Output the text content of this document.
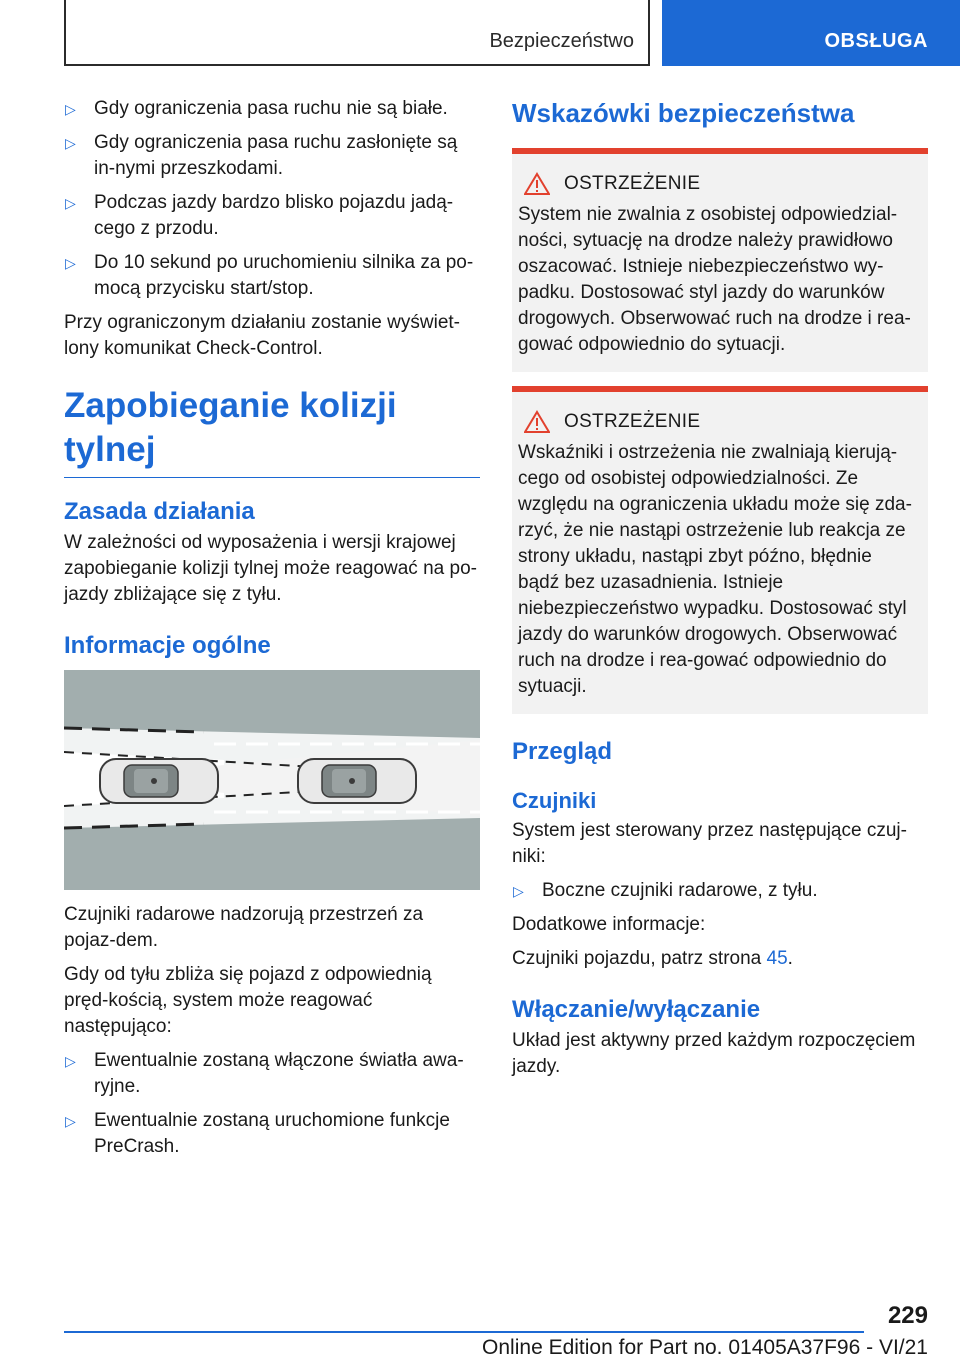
Bezpieczeństwo	OBSŁUGA
▷ Gdy ograniczenia pasa ruchu nie są białe.
▷ Gdy ograniczenia pasa ruchu zasłonięte są in-nymi przeszkodami.
▷ Podczas jazdy bardzo blisko pojazdu jadą-cego z przodu.
▷ Do 10 sekund po uruchomieniu silnika za po-mocą przycisku start/stop.

Przy ograniczonym działaniu zostanie wyświet-lony komunikat Check-Control.

Zapobieganie kolizji tylnej
Zasada działania

W zależności od wyposażenia i wersji krajowej zapobieganie kolizji tylnej może reagować na po-jazdy zbliżające się z tyłu.

Informacje ogólne

Czujniki radarowe nadzorują przestrzeń za pojaz-dem.

Gdy od tyłu zbliża się pojazd z odpowiednią pręd-kością, system może reagować następująco:

▷ Ewentualnie zostaną włączone światła awa-ryjne.
▷ Ewentualnie zostaną uruchomione funkcje PreCrash.
Wskazówki bezpieczeństwa
OSTRZEŻENIE

System nie zwalnia z osobistej odpowiedzial-ności, sytuację na drodze należy prawidłowo oszacować. Istnieje niebezpieczeństwo wy-padku. Dostosować styl jazdy do warunków drogowych. Obserwować ruch na drodze i rea-gować odpowiednio do sytuacji.

OSTRZEŻENIE

Wskaźniki i ostrzeżenia nie zwalniają kierują-cego od osobistej odpowiedzialności. Ze względu na ograniczenia układu może się zda-rzyć, że nie nastąpi ostrzeżenie lub reakcja ze strony układu, nastąpi zbyt późno, błędnie bądź bez uzasadnienia. Istnieje niebezpieczeństwo wypadku. Dostosować styl jazdy do warunków drogowych. Obserwować ruch na drodze i rea-gować odpowiednio do sytuacji.

Przegląd
Czujniki

System jest sterowany przez następujące czuj-niki:

▷ Boczne czujniki radarowe, z tyłu.

Dodatkowe informacje:

Czujniki pojazdu, patrz strona 45.

Włączanie/wyłączanie

Układ jest aktywny przed każdym rozpoczęciem jazdy.

229
Online Edition for Part no. 01405A37F96 - VI/21
